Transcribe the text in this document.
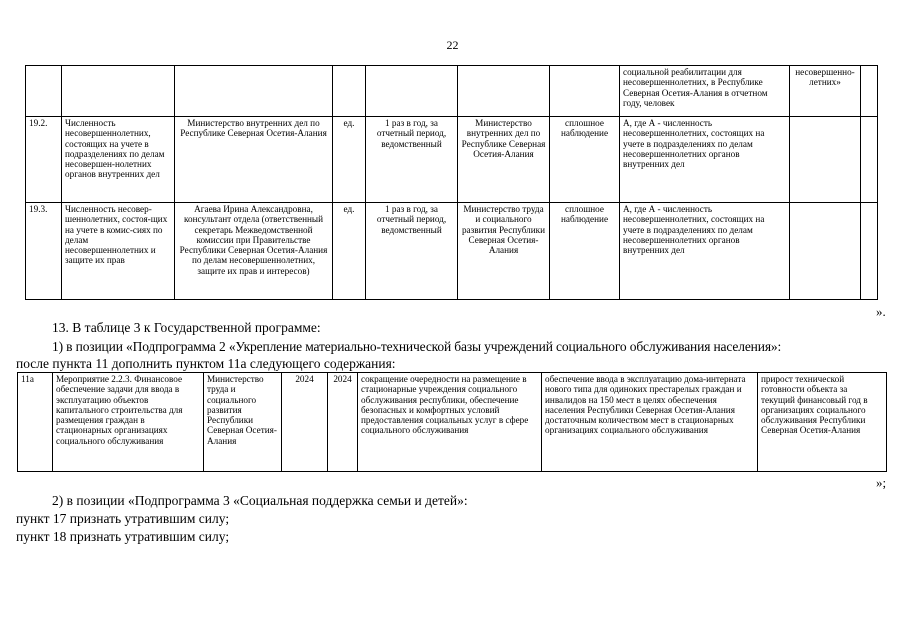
22
							социальной реабилитации для несовершеннолетних, в Республике Северная Осетия-Алания в отчетном году, человек	несовершенно-летних»	
19.2.	Численность несовершеннолетних, состоящих на учете в подразделениях по делам несовершен-нолетних органов внутренних дел	Министерство внутренних дел по Республике Северная Осетия-Алания	ед.	1 раз в год, за отчетный период, ведомственный	Министерство внутренних дел по Республике Северная Осетия-Алания	сплошное наблюдение	А, где А - численность несовершеннолетних, состоящих на учете в подразделениях по делам несовершеннолетних органов внутренних дел		
19.3.	Численность несовер-шеннолетних, состоя-щих на учете в комис-сиях по делам несовершеннолетних и защите их прав	Агаева Ирина Александровна, консультант отдела (ответственный секретарь Межведомственной комиссии при Правительстве Республики Северная Осетия-Алания по делам несовершеннолетних, защите их прав и интересов)	ед.	1 раз в год, за отчетный период, ведомственный	Министерство труда и социального развития Республики Северная Осетия-Алания	сплошное наблюдение	А, где А - численность несовершеннолетних, состоящих на учете в подразделениях по делам несовершеннолетних органов внутренних дел		
».
13. В таблице 3 к Государственной программе:
1) в позиции «Подпрограмма 2 «Укрепление материально-технической базы учреждений социального обслуживания населения»:
после пункта 11 дополнить пунктом 11а следующего содержания:
11а	Мероприятие 2.2.3. Финансовое обеспечение задачи для ввода в эксплуатацию объектов капитального строительства для размещения граждан в стационарных организациях социального обслуживания	Министерство труда и социального развития Республики Северная Осетия-Алания	2024	2024	сокращение очередности на размещение в стационарные учреждения социального обслуживания республики, обеспечение безопасных и комфортных условий предоставления социальных услуг в сфере социального обслуживания	обеспечение ввода в эксплуатацию дома-интерната нового типа для одиноких престарелых граждан и инвалидов на 150 мест в целях обеспечения населения Республики Северная Осетия-Алания достаточным количеством мест в стационарных организациях социального обслуживания	прирост технической готовности объекта за текущий финансовый год в организациях социального обслуживания Республики Северная Осетия-Алания
»;
2) в позиции «Подпрограмма 3 «Социальная поддержка семьи и детей»:
пункт 17 признать утратившим силу;
пункт 18 признать утратившим силу;
